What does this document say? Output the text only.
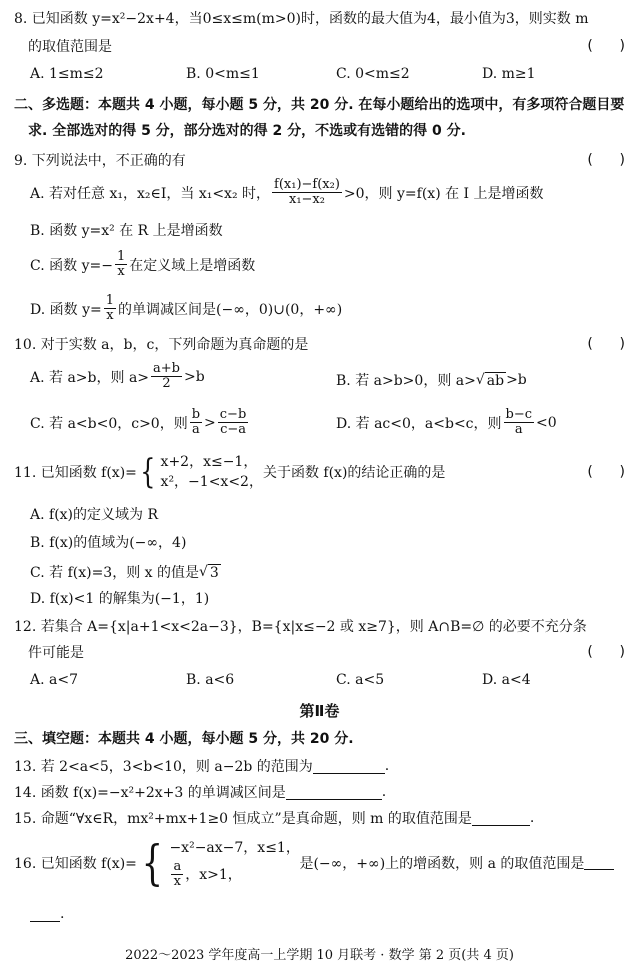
8. 已知函数 y=x²−2x+4，当0≤x≤m(m>0)时，函数的最大值为4，最小值为3，则实数 m
的取值范围是	(      )
A. 1≤m≤2	B. 0<m≤1	C. 0<m≤2	D. m≥1
二、多选题：本题共 4 小题，每小题 5 分，共 20 分. 在每小题给出的选项中，有多项符合题目要
求. 全部选对的得 5 分，部分选对的得 2 分，不选或有选错的得 0 分.
9. 下列说法中，不正确的有	(      )
A. 若对任意 x₁，x₂∈I，当 x₁<x₂ 时， $\frac{\text{f(x₁)−f(x₂)}}{\text{x₁−x₂}} >0$，则 y=f(x) 在 I 上是增函数
B. 函数 y=x² 在 R 上是增函数
C. 函数 $y=- \frac{1}{x}$ 在定义域上是增函数
D. 函数 $y= \frac{1}{x}$ 的单调减区间是(−∞，0)∪(0，+∞)
10. 对于实数 a，b，c，下列命题为真命题的是	(      )
A. 若 a>b，则 $a> \frac{a+b}{2} >b$	B. 若 a>b>0，则 a> √ ab >b
C. 若 a<b<0，c>0，则 $\frac{b}{a} > \frac{c-b}{c-a}$	D. 若 ac<0，a<b<c，则 $\frac{b-c}{a} <0$
11. 已知函数 f(x)= { x+2，x≤−1，
x²，−1<x<2，
关于函数 f(x)的结论正确的是	(      )
A. f(x)的定义域为 R
B. f(x)的值域为(−∞，4)
C. 若 f(x)=3，则 x 的值是 √ 3
D. f(x)<1 的解集为(−1，1)
12. 若集合 A={x|a+1<x<2a−3}，B={x|x≤−2 或 x≥7}，则 A∩B=∅ 的必要不充分条
件可能是	(      )
A. a<7	B. a<6	C. a<5	D. a<4
第Ⅱ卷
三、填空题：本题共 4 小题，每小题 5 分，共 20 分.
13. 若 2<a<5，3<b<10，则 a−2b 的范围为	.
14. 函数 f(x)=−x²+2x+3 的单调减区间是	.
15. 命题“∀x∈R，mx²+mx+1≥0 恒成立”是真命题，则 m 的取值范围是	.
16. 已知函数 f(x)= { −x²−ax−7，x≤1，
$\frac{a}{x}$ ，x>1，
是(−∞，+∞)上的增函数，则 a 的取值范围是
.
2022～2023 学年度高一上学期 10 月联考 · 数学 第 2 页(共 4 页)
